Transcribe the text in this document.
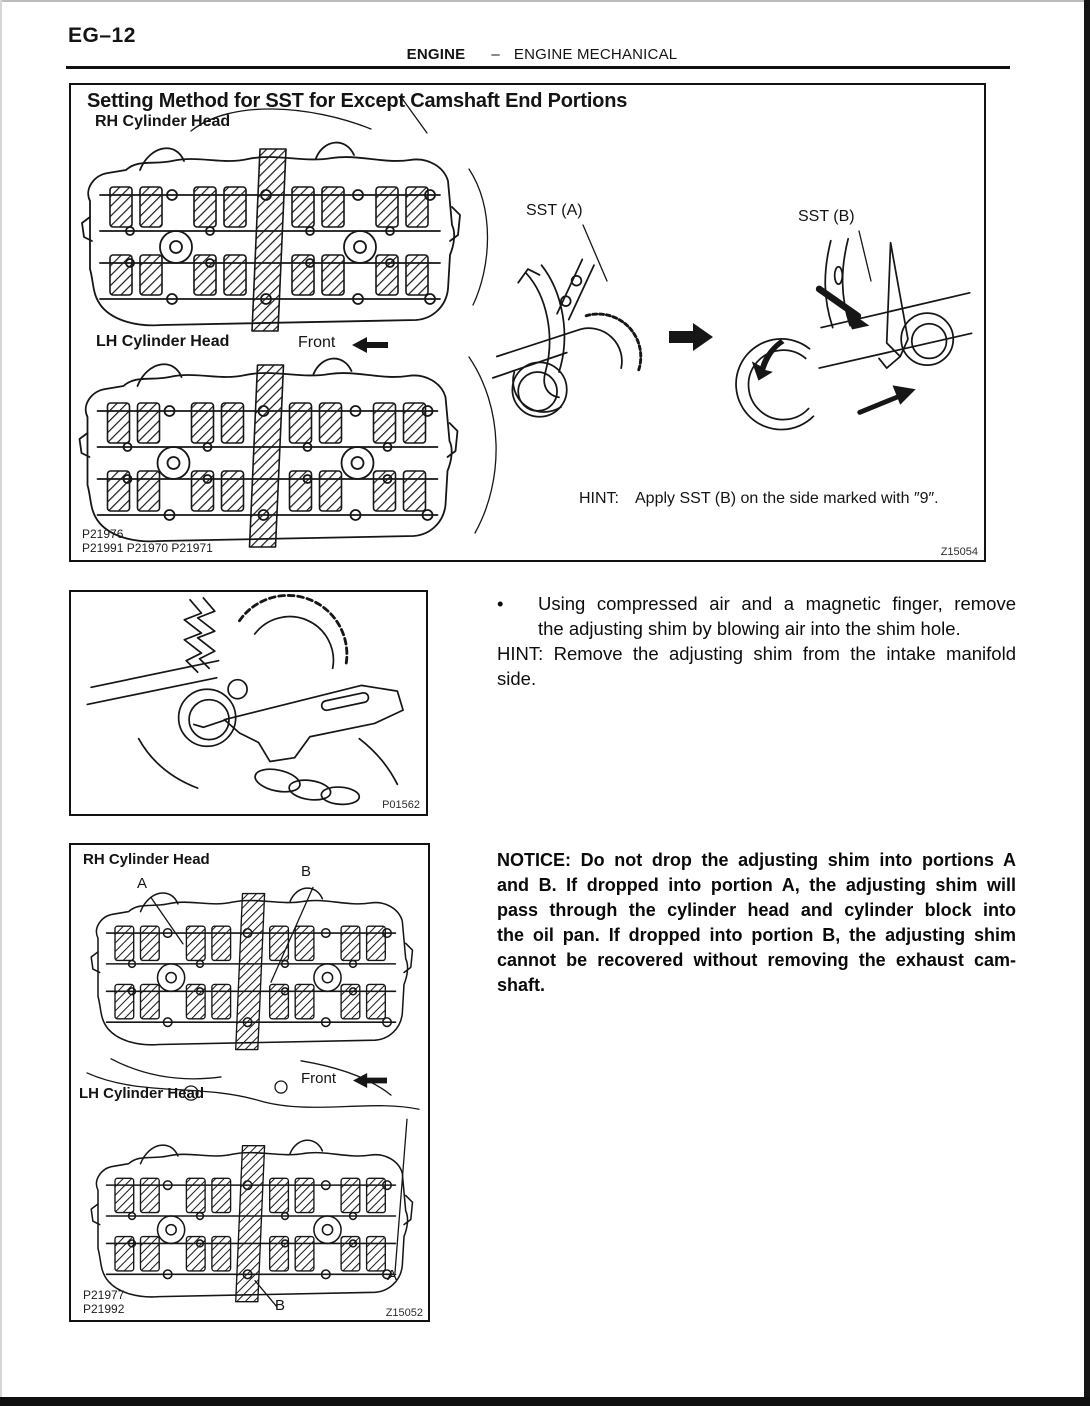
EG–12
ENGINE – ENGINE MECHANICAL
Setting Method for SST for Except Camshaft End Portions
RH Cylinder Head
LH Cylinder Head	Front
SST (A)	SST (B)
HINT: Apply SST (B) on the side marked with ″9″.
P21976
P21991 P21970 P21971	Z15054
• Using compressed air and a magnetic finger, remove
the adjusting shim by blowing air into the shim hole.
HINT: Remove the adjusting shim from the intake manifold
side.
P01562
NOTICE: Do not drop the adjusting shim into portions A
and B. If dropped into portion A, the adjusting shim will
pass through the cylinder head and cylinder block into
the oil pan. If dropped into portion B, the adjusting shim
cannot be recovered without removing the exhaust cam-
shaft.
RH Cylinder Head
A
B
LH Cylinder Head
Front
B
A
P21977
P21992	Z15052
